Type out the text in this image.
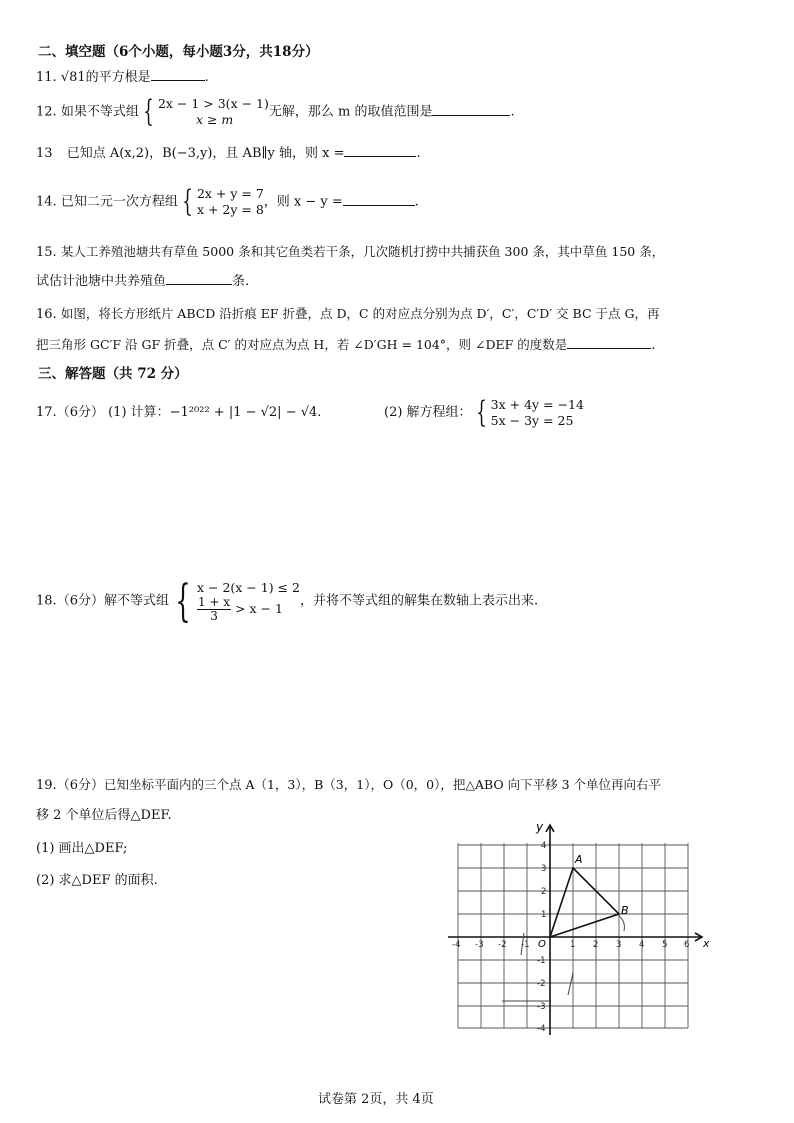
二、填空题（6个小题，每小题3分，共18分）
11. √81的平方根是	.
12. 如果不等式组 { 2x − 1 > 3(x − 1)
x ≥ m	无解，那么 m 的取值范围是	.
13 已知点 A(x,2)，B(−3,y)，且 AB∥y 轴，则 x =	.
14. 已知二元一次方程组 { 2x + y = 7
x + 2y = 8，则 x − y =	.
15. 某人工养殖池塘共有草鱼 5000 条和其它鱼类若干条，几次随机打捞中共捕获鱼 300 条，其中草鱼 150 条，
试估计池塘中共养殖鱼	条.
16. 如图，将长方形纸片 ABCD 沿折痕 EF 折叠，点 D，C 的对应点分别为点 D′，C′，C′D′ 交 BC 于点 G，再
把三角形 GC′F 沿 GF 折叠，点 C′ 的对应点为点 H，若 ∠D′GH = 104°，则 ∠DEF 的度数是	.
三、解答题（共 72 分）
17.（6分） (1) 计算：−1²⁰²² + |1 − √2| − √4.	(2) 解方程组： { 3x + 4y = −14
5x − 3y = 25
18.（6分）解不等式组 { x − 2(x − 1) ≤ 2

$\frac{1 + x}{3} > x - 1$ ，并将不等式组的解集在数轴上表示出来.
19.（6分）已知坐标平面内的三个点 A（1，3），B（3，1），O（0，0），把△ABO 向下平移 3 个单位再向右平
移 2 个单位后得△DEF.
(1) 画出△DEF;
(2) 求△DEF 的面积.
x
y
-4 -3 -2 -1	1 2 3 4 5 6
4
3
2
1
-1
-2
-3
-4
A
B
O
试卷第 2页，共 4页
